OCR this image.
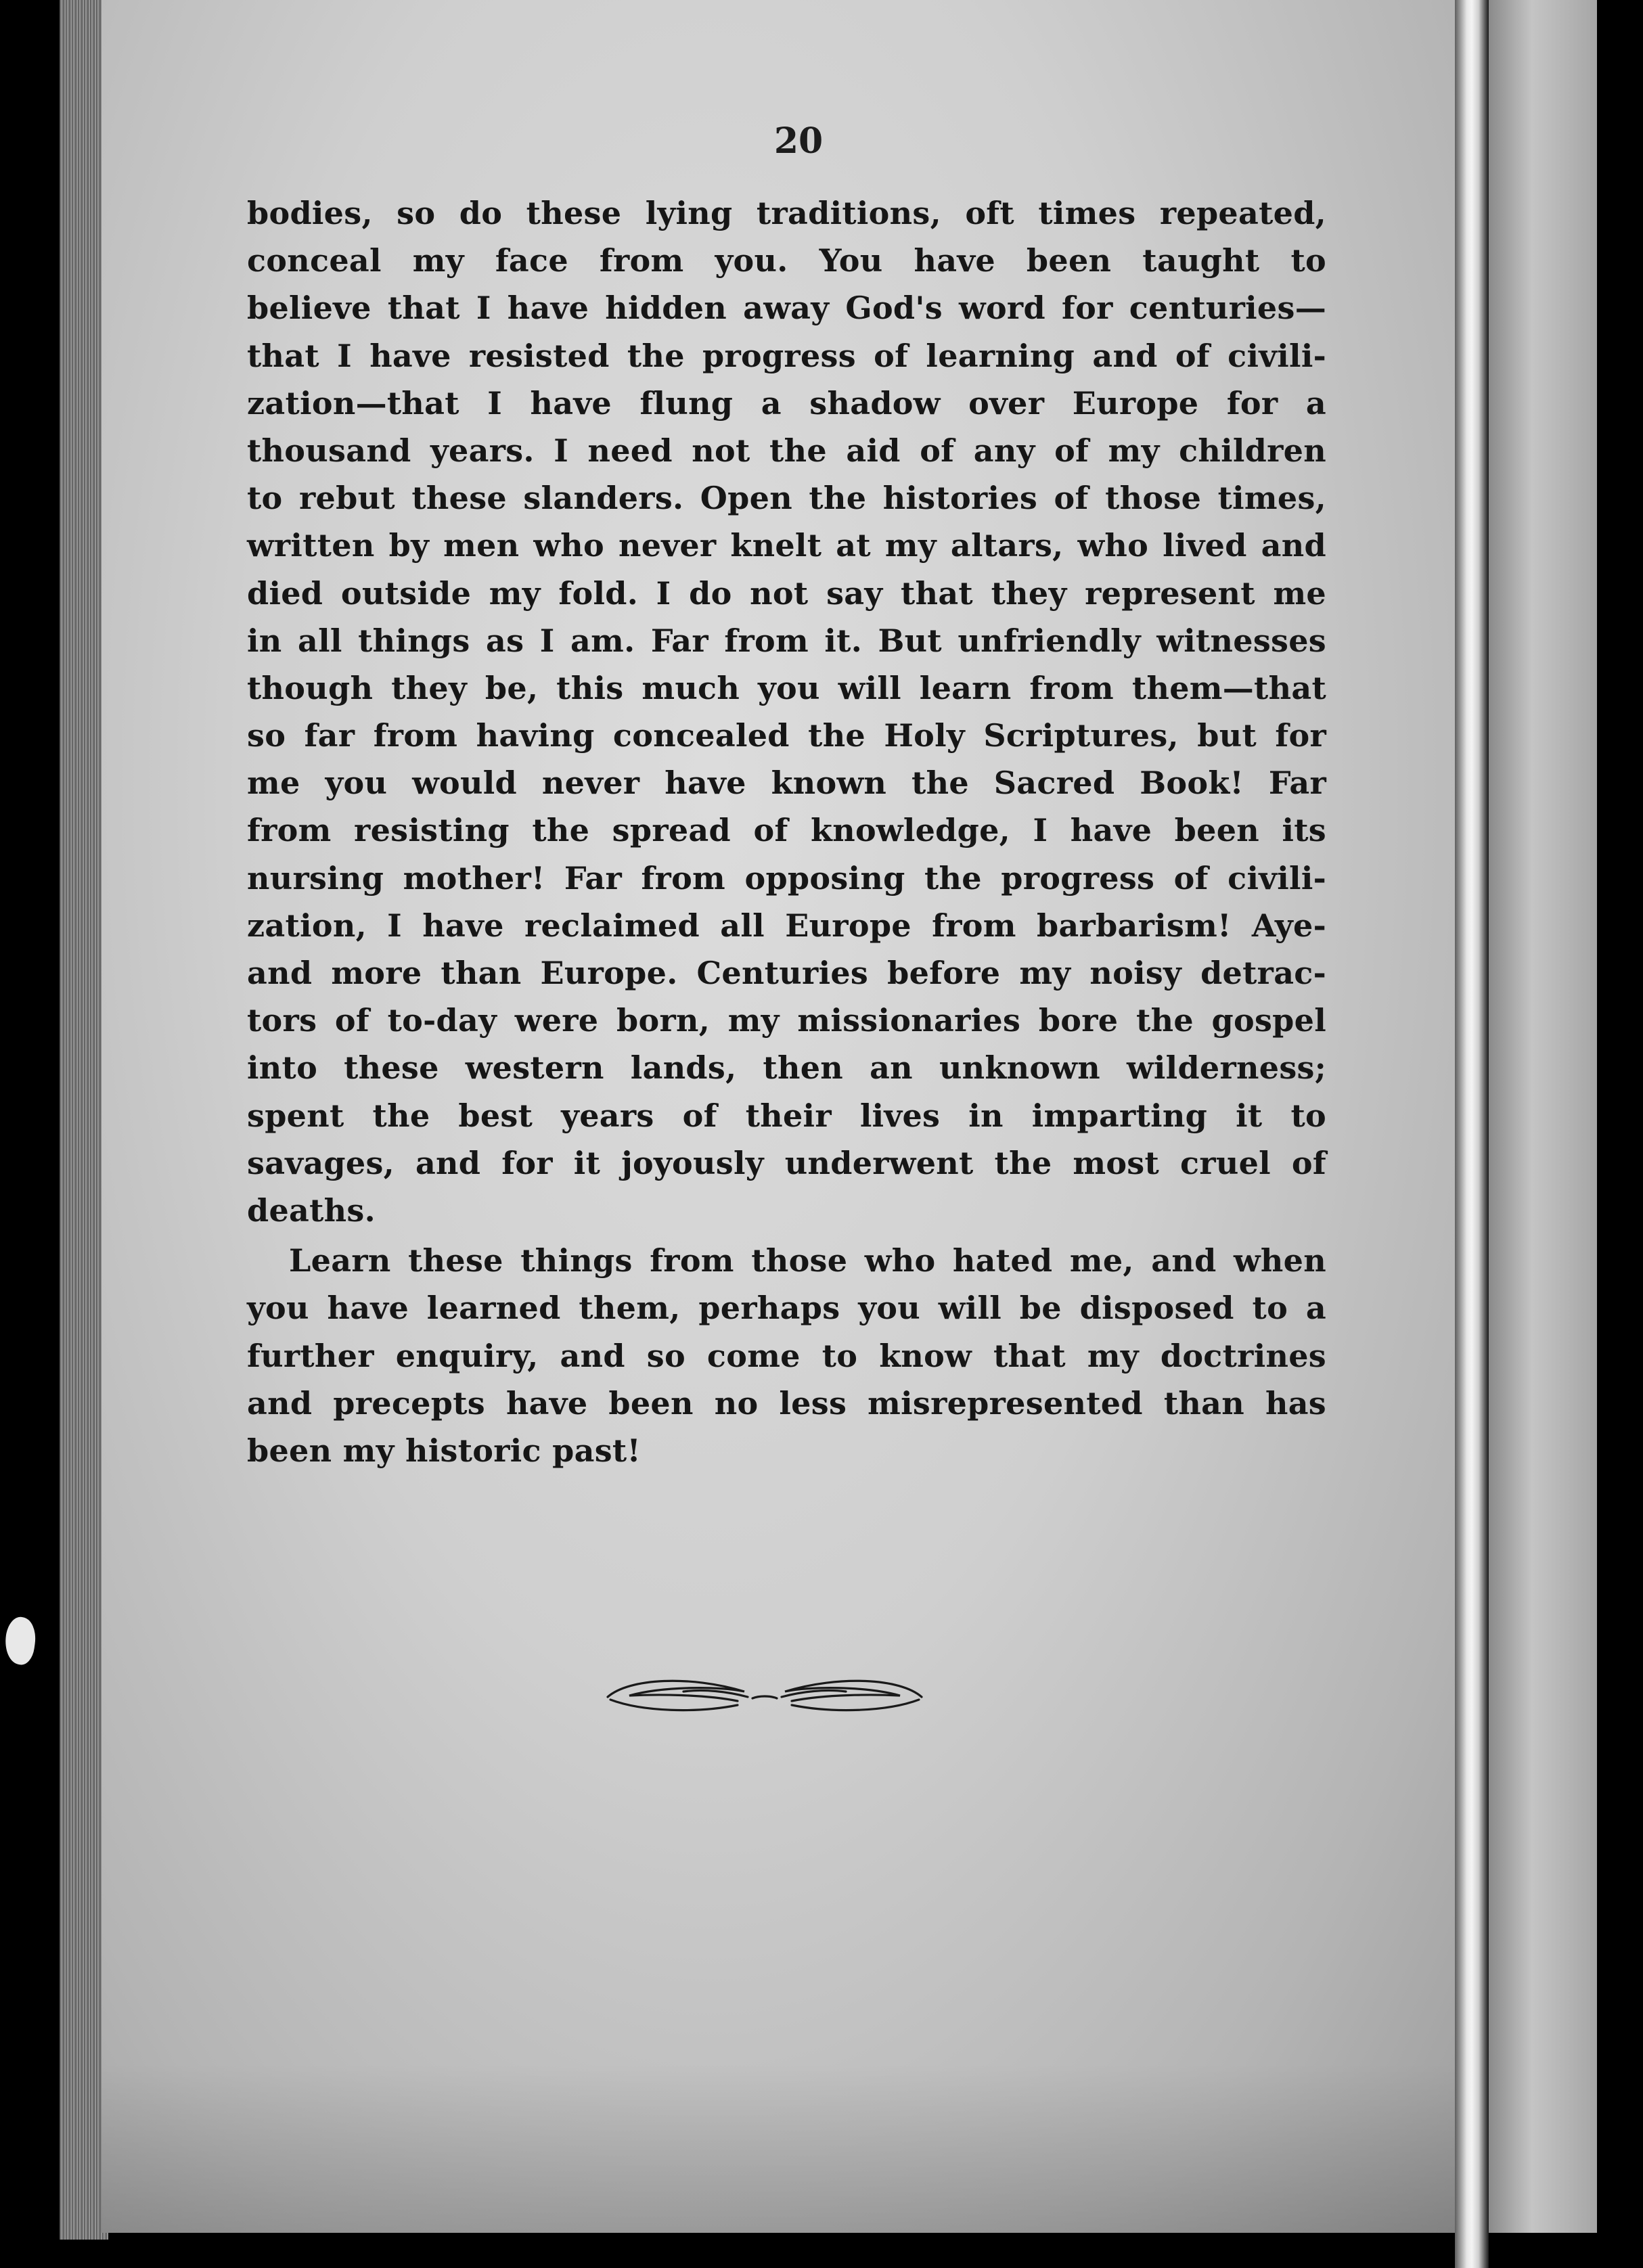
20
bodies, so do these lying traditions, oft times repeated,
conceal my face from you. You have been taught to
believe that I have hidden away God's word for centuries—
that I have resisted the progress of learning and of civili-
zation—that I have flung a shadow over Europe for a
thousand years. I need not the aid of any of my children
to rebut these slanders. Open the histories of those times,
written by men who never knelt at my altars, who lived and
died outside my fold. I do not say that they represent me
in all things as I am. Far from it. But unfriendly witnesses
though they be, this much you will learn from them—that
so far from having concealed the Holy Scriptures, but for
me you would never have known the Sacred Book! Far
from resisting the spread of knowledge, I have been its
nursing mother! Far from opposing the progress of civili-
zation, I have reclaimed all Europe from barbarism! Aye-
and more than Europe. Centuries before my noisy detrac-
tors of to-day were born, my missionaries bore the gospel
into these western lands, then an unknown wilderness;
spent the best years of their lives in imparting it to
savages, and for it joyously underwent the most cruel of
deaths.
Learn these things from those who hated me, and when
you have learned them, perhaps you will be disposed to a
further enquiry, and so come to know that my doctrines
and precepts have been no less misrepresented than has
been my historic past!
